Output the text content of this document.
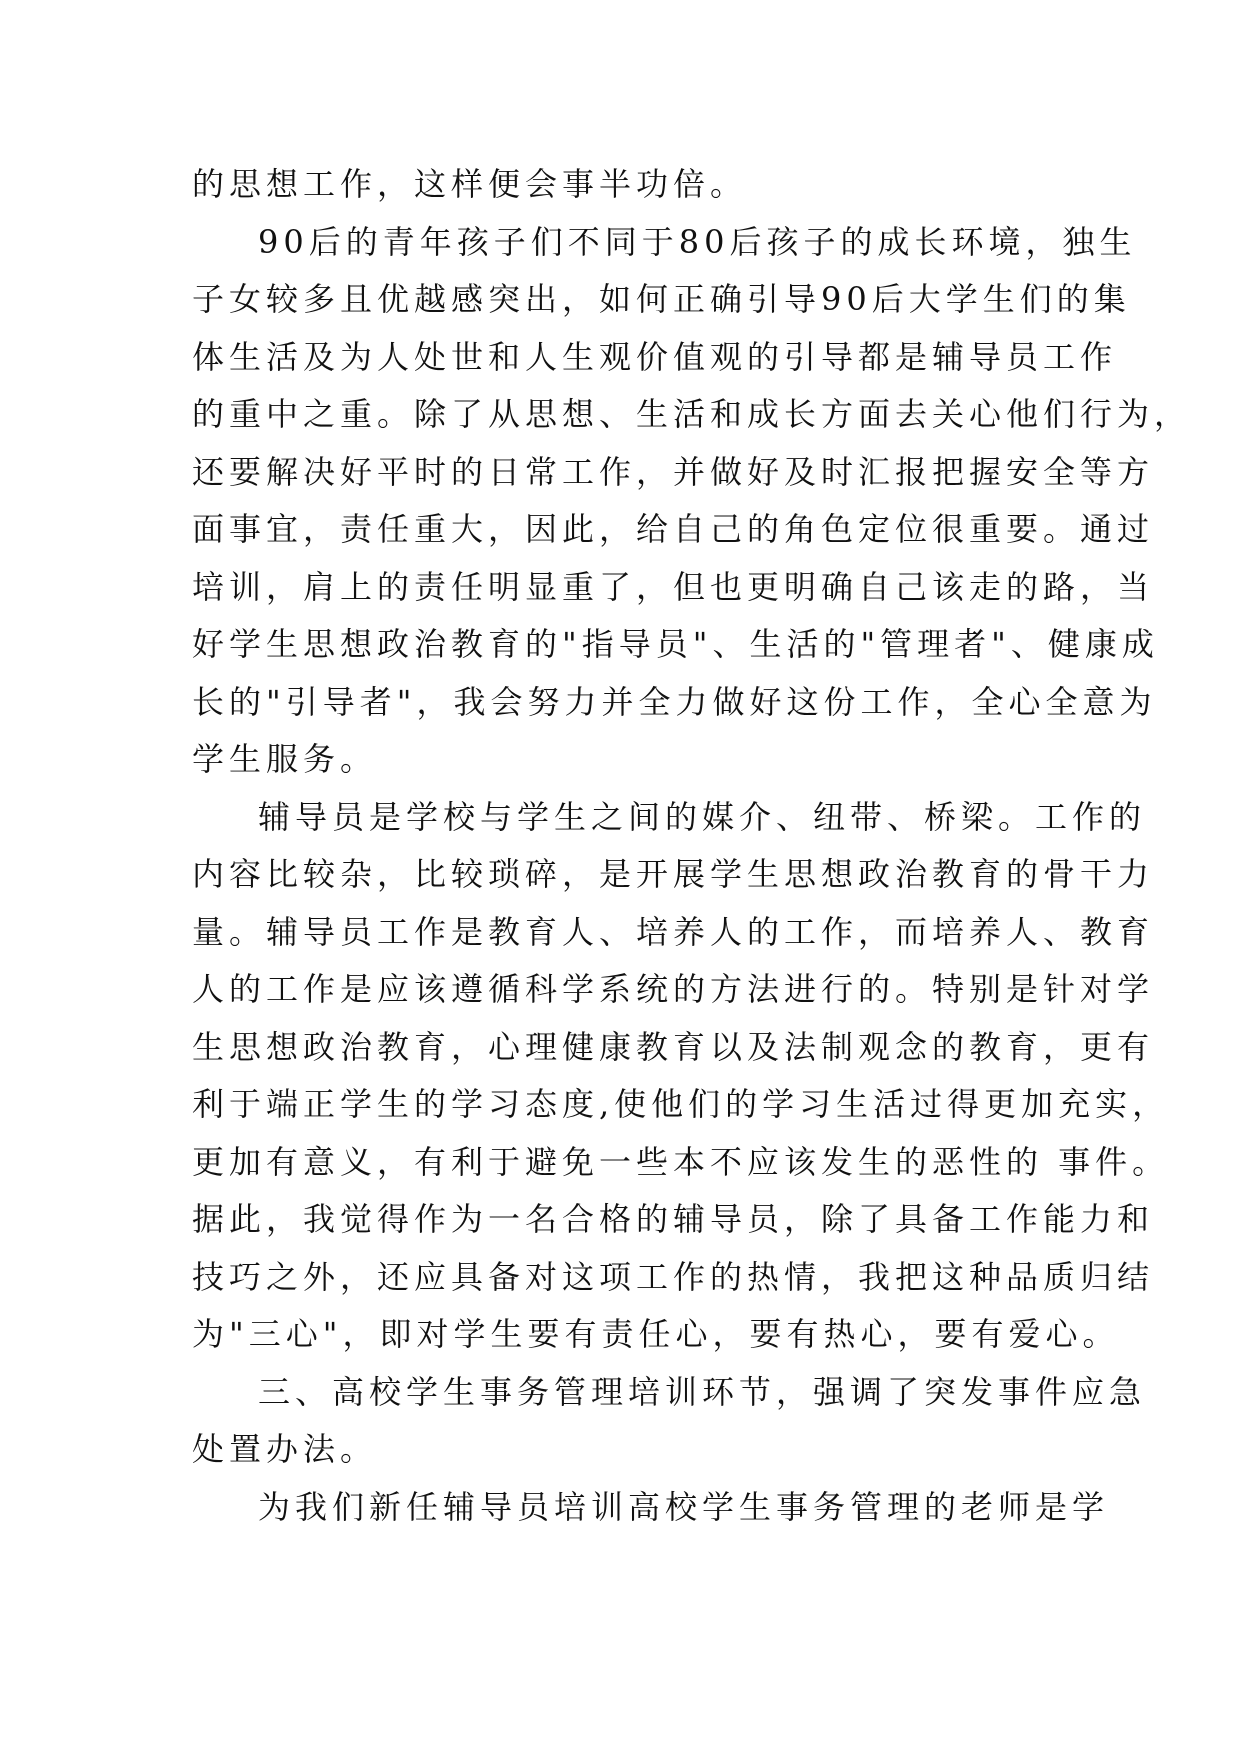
的思想工作，这样便会事半功倍。
90后的青年孩子们不同于80后孩子的成长环境，独生
子女较多且优越感突出，如何正确引导90后大学生们的集
体生活及为人处世和人生观价值观的引导都是辅导员工作
的重中之重。除了从思想、生活和成长方面去关心他们行为，
还要解决好平时的日常工作，并做好及时汇报把握安全等方
面事宜，责任重大，因此，给自己的角色定位很重要。通过
培训，肩上的责任明显重了，但也更明确自己该走的路，当
好学生思想政治教育的"指导员"、生活的"管理者"、健康成
长的"引导者"，我会努力并全力做好这份工作，全心全意为
学生服务。
辅导员是学校与学生之间的媒介、纽带、桥梁。工作的
内容比较杂，比较琐碎，是开展学生思想政治教育的骨干力
量。辅导员工作是教育人、培养人的工作，而培养人、教育
人的工作是应该遵循科学系统的方法进行的。特别是针对学
生思想政治教育，心理健康教育以及法制观念的教育，更有
利于端正学生的学习态度,使他们的学习生活过得更加充实，
更加有意义，有利于避免一些本不应该发生的恶性的 事件。
据此，我觉得作为一名合格的辅导员，除了具备工作能力和
技巧之外，还应具备对这项工作的热情，我把这种品质归结
为"三心"，即对学生要有责任心，要有热心，要有爱心。
三、高校学生事务管理培训环节，强调了突发事件应急
处置办法。
为我们新任辅导员培训高校学生事务管理的老师是学
